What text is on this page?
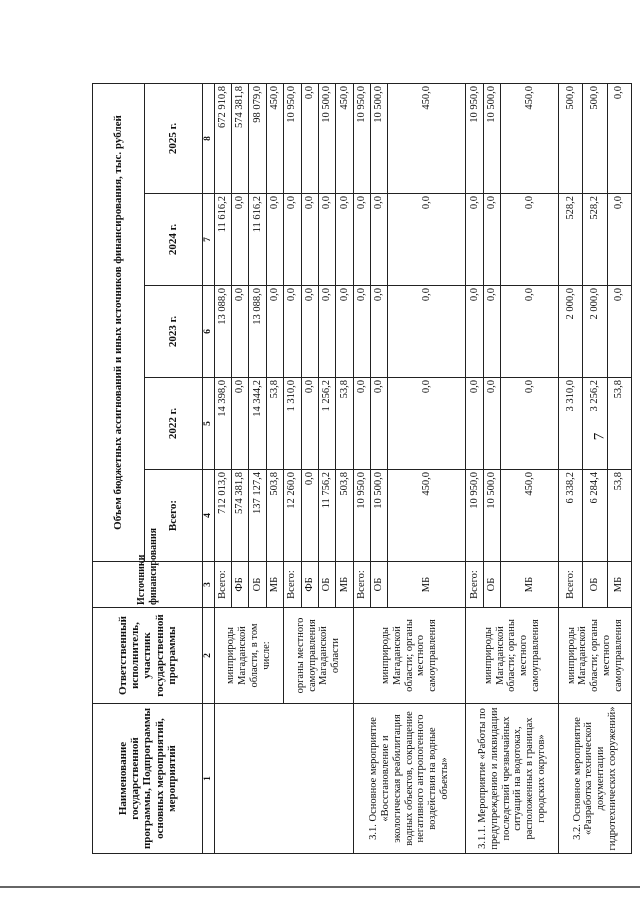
7
Наименование государственной программы, Подпрограммы основных мероприятий, мероприятий	Ответственный исполнитель, участник государственной программы	Источники финансирования	Объем бюджетных ассигнований и иных источников финансирования, тыс. рублей				
			Всего:	2022 г.	2023 г.	2024 г.	2025 г.
1	2	3	4	5	6	7	8
	минприроды Магаданской области, в том числе:	Всего:	712 013,0	14 398,0	13 088,0	11 616,2	672 910,8
		ФБ	574 381,8	0,0	0,0	0,0	574 381,8
		ОБ	137 127,4	14 344,2	13 088,0	11 616,2	98 079,0
		МБ	503,8	53,8	0,0	0,0	450,0
	органы местного самоуправления Магаданской области	Всего:	12 260,0	1 310,0	0,0	0,0	10 950,0
		ФБ	0,0	0,0	0,0	0,0	0,0
		ОБ	11 756,2	1 256,2	0,0	0,0	10 500,0
		МБ	503,8	53,8	0,0	0,0	450,0
3.1. Основное мероприятие «Восстановление и экологическая реабилитация водных объектов, сокращение негативного антропогенного воздействия на водные объекты»	минприроды Магаданской области; органы местного самоуправления	Всего:	10 950,0	0,0	0,0	0,0	10 950,0
		ОБ	10 500,0	0,0	0,0	0,0	10 500,0
		МБ	450,0	0,0	0,0	0,0	450,0
3.1.1. Мероприятие «Работы по предупреждению и ликвидации последствий чрезвычайных ситуаций на водотоках, расположенных в границах городских округов»	минприроды Магаданской области; органы местного самоуправления	Всего:	10 950,0	0,0	0,0	0,0	10 950,0
		ОБ	10 500,0	0,0	0,0	0,0	10 500,0
		МБ	450,0	0,0	0,0	0,0	450,0
3.2. Основное мероприятие «Разработка технической документации гидротехнических сооружений»	минприроды Магаданской области; органы местного самоуправления	Всего:	6 338,2	3 310,0	2 000,0	528,2	500,0
		ОБ	6 284,4	3 256,2	2 000,0	528,2	500,0
		МБ	53,8	53,8	0,0	0,0	0,0
